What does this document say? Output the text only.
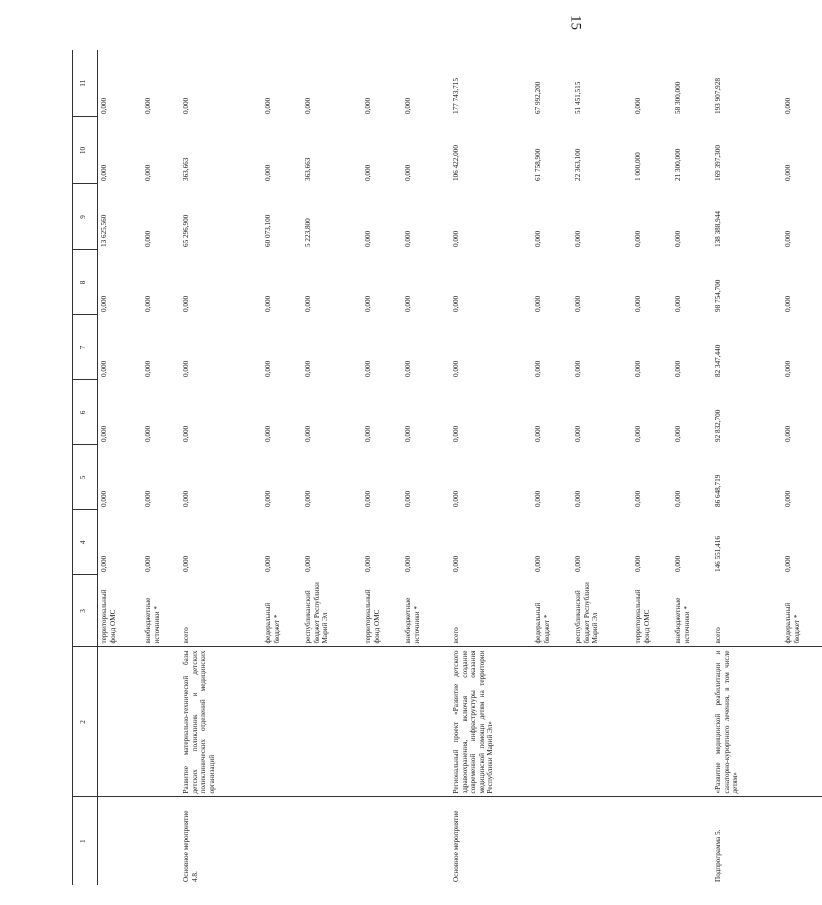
15
1	2	3	4	5	6	7	8	9	10	11
		территориальный фонд ОМС	0,000	0,000	0,000	0,000	0,000	13 625,560	0,000	0,000
		внебюджетные источники *	0,000	0,000	0,000	0,000	0,000	0,000	0,000	0,000
Основное мероприятие 4.8.	Развитие материально-технической базы детских поликлиник и детских поликлинических отделений медицинских организаций	всего	0,000	0,000	0,000	0,000	0,000	65 296,900	363,663	0,000
		федеральный бюджет *	0,000	0,000	0,000	0,000	0,000	60 073,100	0,000	0,000
		республиканский бюджет Республики Марий Эл	0,000	0,000	0,000	0,000	0,000	5 223,800	363,663	0,000
		территориальный фонд ОМС	0,000	0,000	0,000	0,000	0,000	0,000	0,000	0,000
		внебюджетные источники *	0,000	0,000	0,000	0,000	0,000	0,000	0,000	0,000
Основное мероприятие	Региональный проект «Развитие детского здравоохранения, включая создание современной инфраструктуры оказания медицинской помощи детям на территории Республики Марий Эл»	всего	0,000	0,000	0,000	0,000	0,000	0,000	106 422,000	177 743,715
		федеральный бюджет *	0,000	0,000	0,000	0,000	0,000	0,000	61 758,900	67 992,200
		республиканский бюджет Республики Марий Эл	0,000	0,000	0,000	0,000	0,000	0,000	22 363,100	51 451,515
		территориальный фонд ОМС	0,000	0,000	0,000	0,000	0,000	0,000	1 000,000	0,000
		внебюджетные источники *	0,000	0,000	0,000	0,000	0,000	0,000	21 300,000	58 300,000
Подпрограмма 5.	«Развитие медицинской реабилитации и санаторно-курортного лечения, в том числе детям»	всего	146 551,416	86 648,719	92 832,700	82 347,440	98 754,700	138 388,944	169 397,300	193 907,928
		федеральный бюджет *	0,000	0,000	0,000	0,000	0,000	0,000	0,000	0,000
